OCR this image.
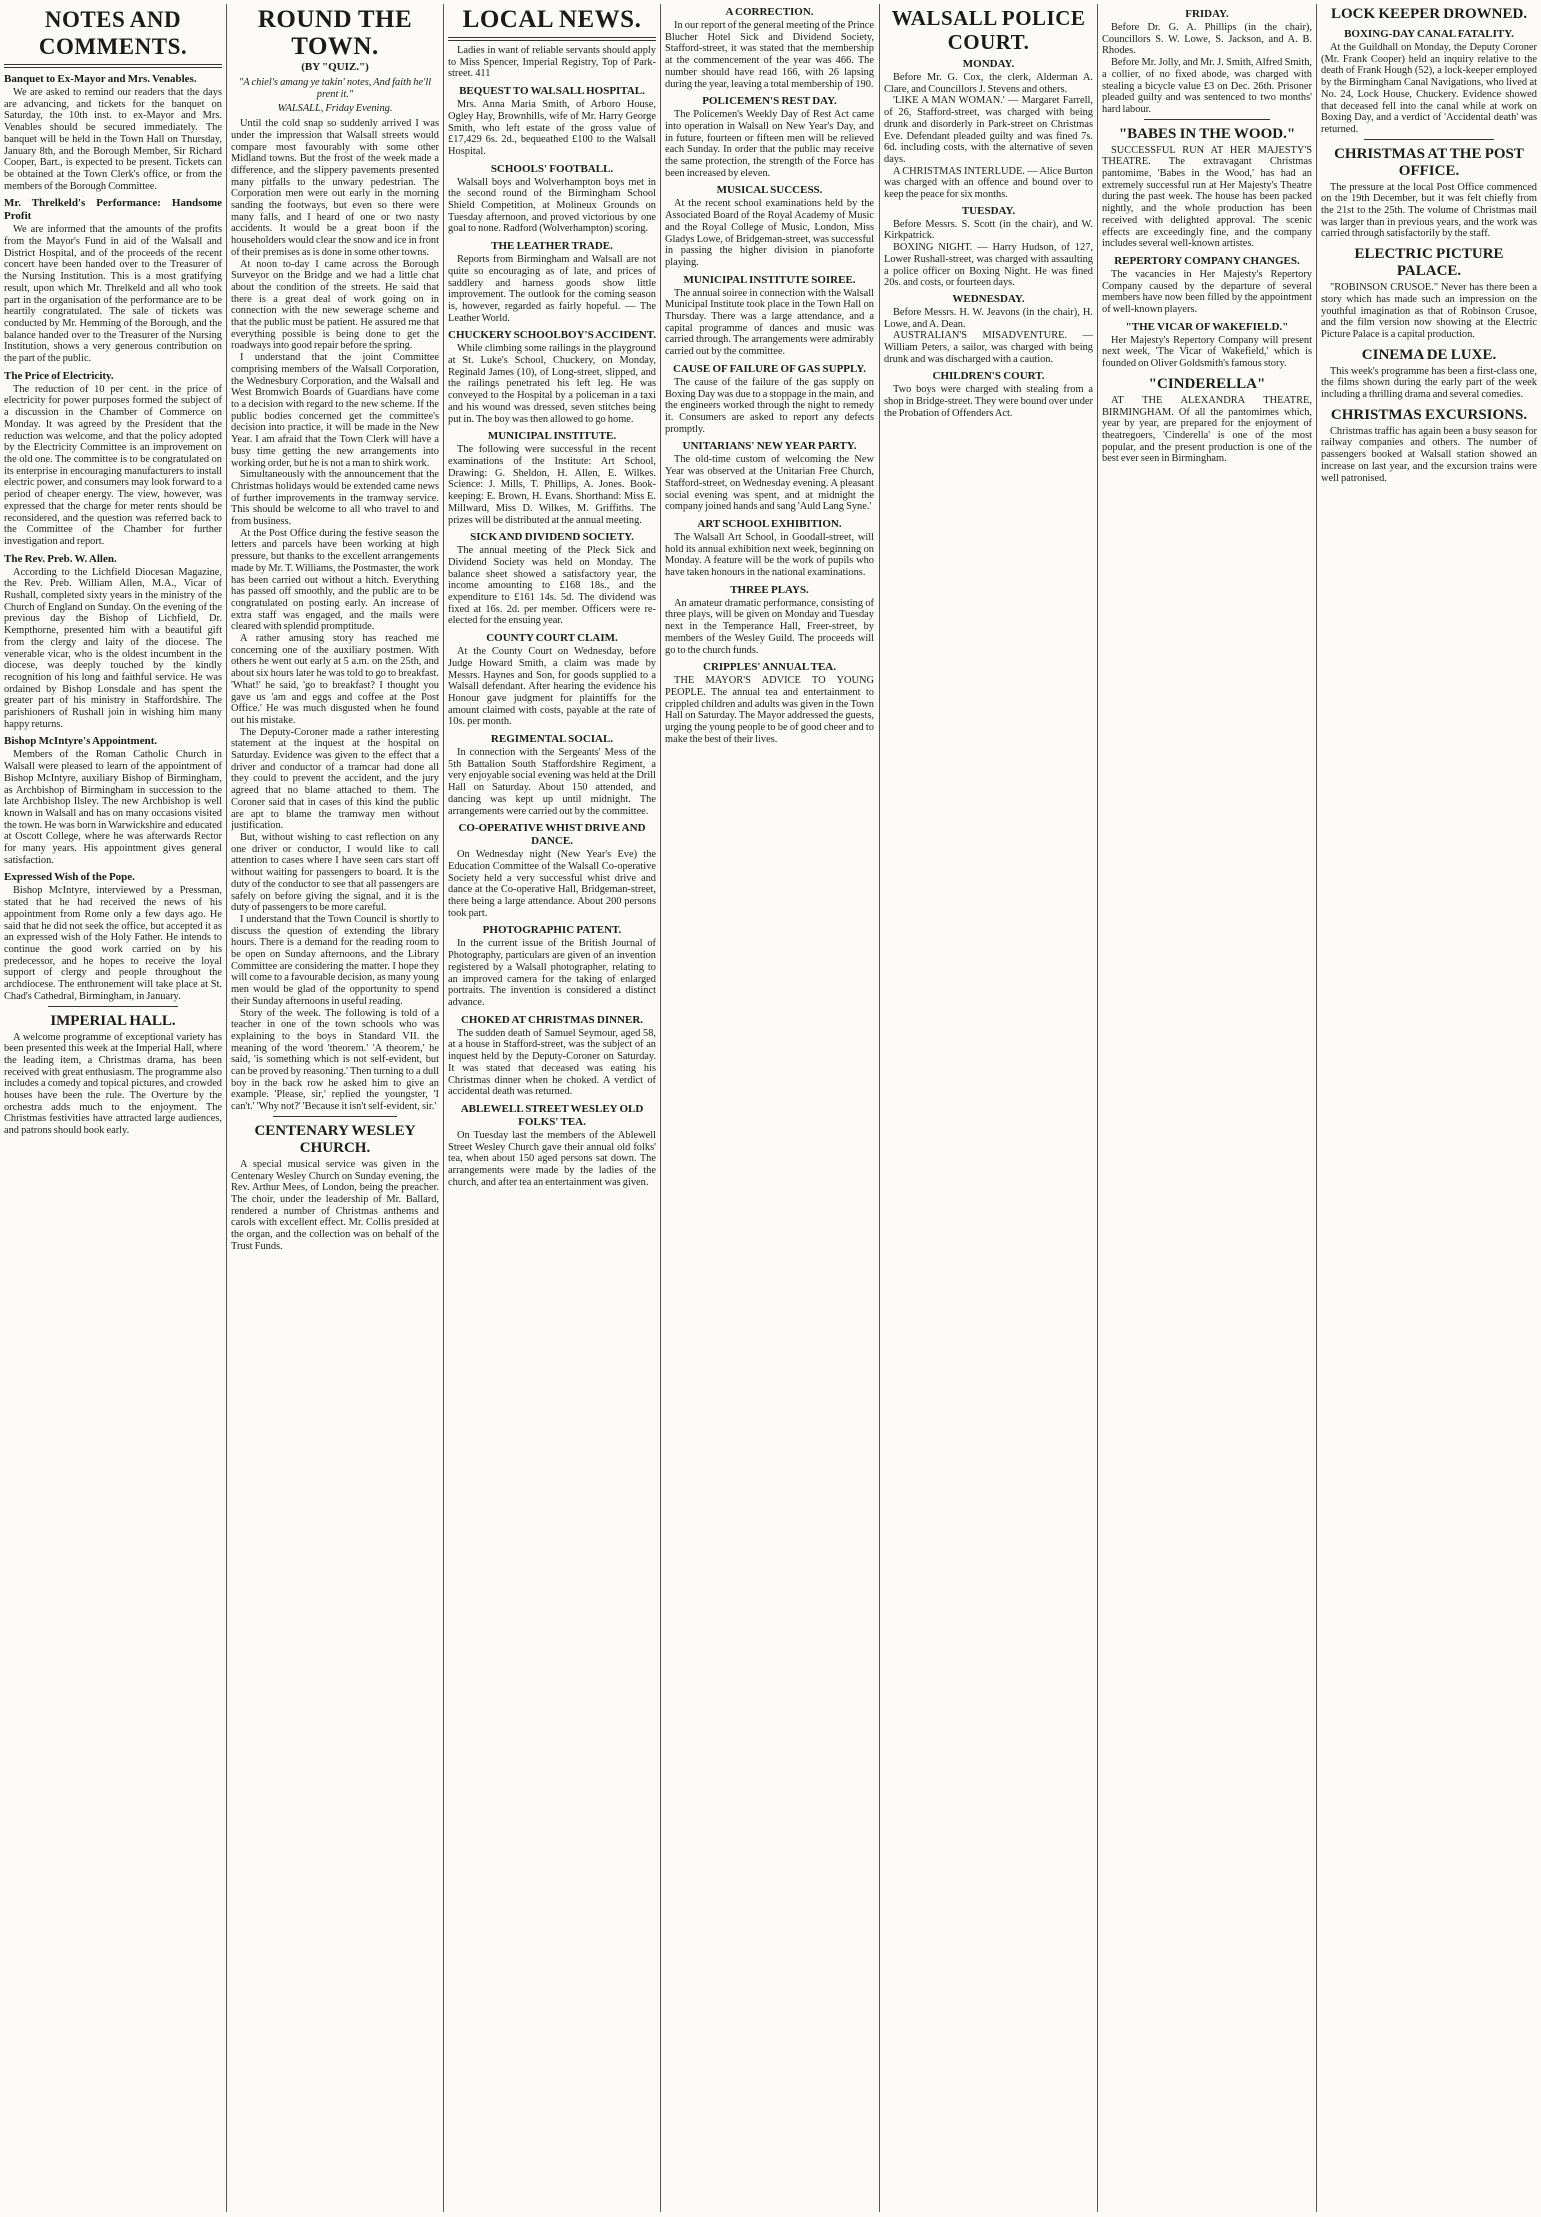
NOTES AND COMMENTS.
Banquet to Ex-Mayor and Mrs. Venables.

We are asked to remind our readers that the days are advancing, and tickets for the banquet on Saturday, the 10th inst. to ex-Mayor and Mrs. Venables should be secured immediately. The banquet will be held in the Town Hall on Thursday, January 8th, and the Borough Member, Sir Richard Cooper, Bart., is expected to be present. Tickets can be obtained at the Town Clerk's office, or from the members of the Borough Committee.

Mr. Threlkeld's Performance: Handsome Profit

We are informed that the amounts of the profits from the Mayor's Fund in aid of the Walsall and District Hospital, and of the proceeds of the recent concert have been handed over to the Treasurer of the Nursing Institution. This is a most gratifying result, upon which Mr. Threlkeld and all who took part in the organisation of the performance are to be heartily congratulated. The sale of tickets was conducted by Mr. Hemming of the Borough, and the balance handed over to the Treasurer of the Nursing Institution, shows a very generous contribution on the part of the public.

The Price of Electricity.

The reduction of 10 per cent. in the price of electricity for power purposes formed the subject of a discussion in the Chamber of Commerce on Monday. It was agreed by the President that the reduction was welcome, and that the policy adopted by the Electricity Committee is an improvement on the old one. The committee is to be congratulated on its enterprise in encouraging manufacturers to install electric power, and consumers may look forward to a period of cheaper energy. The view, however, was expressed that the charge for meter rents should be reconsidered, and the question was referred back to the Committee of the Chamber for further investigation and report.

The Rev. Preb. W. Allen.

According to the Lichfield Diocesan Magazine, the Rev. Preb. William Allen, M.A., Vicar of Rushall, completed sixty years in the ministry of the Church of England on Sunday. On the evening of the previous day the Bishop of Lichfield, Dr. Kempthorne, presented him with a beautiful gift from the clergy and laity of the diocese. The venerable vicar, who is the oldest incumbent in the diocese, was deeply touched by the kindly recognition of his long and faithful service. He was ordained by Bishop Lonsdale and has spent the greater part of his ministry in Staffordshire. The parishioners of Rushall join in wishing him many happy returns.

Bishop McIntyre's Appointment.

Members of the Roman Catholic Church in Walsall were pleased to learn of the appointment of Bishop McIntyre, auxiliary Bishop of Birmingham, as Archbishop of Birmingham in succession to the late Archbishop Ilsley. The new Archbishop is well known in Walsall and has on many occasions visited the town. He was born in Warwickshire and educated at Oscott College, where he was afterwards Rector for many years. His appointment gives general satisfaction.

Expressed Wish of the Pope.

Bishop McIntyre, interviewed by a Pressman, stated that he had received the news of his appointment from Rome only a few days ago. He said that he did not seek the office, but accepted it as an expressed wish of the Holy Father. He intends to continue the good work carried on by his predecessor, and he hopes to receive the loyal support of clergy and people throughout the archdiocese. The enthronement will take place at St. Chad's Cathedral, Birmingham, in January.

IMPERIAL HALL.

A welcome programme of exceptional variety has been presented this week at the Imperial Hall, where the leading item, a Christmas drama, has been received with great enthusiasm. The programme also includes a comedy and topical pictures, and crowded houses have been the rule. The Overture by the orchestra adds much to the enjoyment. The Christmas festivities have attracted large audiences, and patrons should book early.

ROUND THE TOWN.
(BY "QUIZ.")
"A chiel's amang ye takin' notes, And faith he'll prent it."
WALSALL, Friday Evening.

Until the cold snap so suddenly arrived I was under the impression that Walsall streets would compare most favourably with some other Midland towns. But the frost of the week made a difference, and the slippery pavements presented many pitfalls to the unwary pedestrian. The Corporation men were out early in the morning sanding the footways, but even so there were many falls, and I heard of one or two nasty accidents. It would be a great boon if the householders would clear the snow and ice in front of their premises as is done in some other towns.

At noon to-day I came across the Borough Surveyor on the Bridge and we had a little chat about the condition of the streets. He said that there is a great deal of work going on in connection with the new sewerage scheme and that the public must be patient. He assured me that everything possible is being done to get the roadways into good repair before the spring.

I understand that the joint Committee comprising members of the Walsall Corporation, the Wednesbury Corporation, and the Walsall and West Bromwich Boards of Guardians have come to a decision with regard to the new scheme. If the public bodies concerned get the committee's decision into practice, it will be made in the New Year. I am afraid that the Town Clerk will have a busy time getting the new arrangements into working order, but he is not a man to shirk work.

Simultaneously with the announcement that the Christmas holidays would be extended came news of further improvements in the tramway service. This should be welcome to all who travel to and from business.

At the Post Office during the festive season the letters and parcels have been working at high pressure, but thanks to the excellent arrangements made by Mr. T. Williams, the Postmaster, the work has been carried out without a hitch. Everything has passed off smoothly, and the public are to be congratulated on posting early. An increase of extra staff was engaged, and the mails were cleared with splendid promptitude.

A rather amusing story has reached me concerning one of the auxiliary postmen. With others he went out early at 5 a.m. on the 25th, and about six hours later he was told to go to breakfast. 'What!' he said, 'go to breakfast? I thought you gave us 'am and eggs and coffee at the Post Office.' He was much disgusted when he found out his mistake.

The Deputy-Coroner made a rather interesting statement at the inquest at the hospital on Saturday. Evidence was given to the effect that a driver and conductor of a tramcar had done all they could to prevent the accident, and the jury agreed that no blame attached to them. The Coroner said that in cases of this kind the public are apt to blame the tramway men without justification.

But, without wishing to cast reflection on any one driver or conductor, I would like to call attention to cases where I have seen cars start off without waiting for passengers to board. It is the duty of the conductor to see that all passengers are safely on before giving the signal, and it is the duty of passengers to be more careful.

I understand that the Town Council is shortly to discuss the question of extending the library hours. There is a demand for the reading room to be open on Sunday afternoons, and the Library Committee are considering the matter. I hope they will come to a favourable decision, as many young men would be glad of the opportunity to spend their Sunday afternoons in useful reading.

Story of the week. The following is told of a teacher in one of the town schools who was explaining to the boys in Standard VII. the meaning of the word 'theorem.' 'A theorem,' he said, 'is something which is not self-evident, but can be proved by reasoning.' Then turning to a dull boy in the back row he asked him to give an example. 'Please, sir,' replied the youngster, 'I can't.' 'Why not?' 'Because it isn't self-evident, sir.'

CENTENARY WESLEY CHURCH.

A special musical service was given in the Centenary Wesley Church on Sunday evening, the Rev. Arthur Mees, of London, being the preacher. The choir, under the leadership of Mr. Ballard, rendered a number of Christmas anthems and carols with excellent effect. Mr. Collis presided at the organ, and the collection was on behalf of the Trust Funds.

LOCAL NEWS.

Ladies in want of reliable servants should apply to Miss Spencer, Imperial Registry, Top of Park-street. 411

BEQUEST TO WALSALL HOSPITAL.

Mrs. Anna Maria Smith, of Arboro House, Ogley Hay, Brownhills, wife of Mr. Harry George Smith, who left estate of the gross value of £17,429 6s. 2d., bequeathed £100 to the Walsall Hospital.

SCHOOLS' FOOTBALL.

Walsall boys and Wolverhampton boys met in the second round of the Birmingham School Shield Competition, at Molineux Grounds on Tuesday afternoon, and proved victorious by one goal to none. Radford (Wolverhampton) scoring.

THE LEATHER TRADE.

Reports from Birmingham and Walsall are not quite so encouraging as of late, and prices of saddlery and harness goods show little improvement. The outlook for the coming season is, however, regarded as fairly hopeful. — The Leather World.

CHUCKERY SCHOOLBOY'S ACCIDENT.

While climbing some railings in the playground at St. Luke's School, Chuckery, on Monday, Reginald James (10), of Long-street, slipped, and the railings penetrated his left leg. He was conveyed to the Hospital by a policeman in a taxi and his wound was dressed, seven stitches being put in. The boy was then allowed to go home.

MUNICIPAL INSTITUTE.

The following were successful in the recent examinations of the Institute: Art School, Drawing: G. Sheldon, H. Allen, E. Wilkes. Science: J. Mills, T. Phillips, A. Jones. Book-keeping: E. Brown, H. Evans. Shorthand: Miss E. Millward, Miss D. Wilkes, M. Griffiths. The prizes will be distributed at the annual meeting.

SICK AND DIVIDEND SOCIETY.

The annual meeting of the Pleck Sick and Dividend Society was held on Monday. The balance sheet showed a satisfactory year, the income amounting to £168 18s., and the expenditure to £161 14s. 5d. The dividend was fixed at 16s. 2d. per member. Officers were re-elected for the ensuing year.

COUNTY COURT CLAIM.

At the County Court on Wednesday, before Judge Howard Smith, a claim was made by Messrs. Haynes and Son, for goods supplied to a Walsall defendant. After hearing the evidence his Honour gave judgment for plaintiffs for the amount claimed with costs, payable at the rate of 10s. per month.

REGIMENTAL SOCIAL.

In connection with the Sergeants' Mess of the 5th Battalion South Staffordshire Regiment, a very enjoyable social evening was held at the Drill Hall on Saturday. About 150 attended, and dancing was kept up until midnight. The arrangements were carried out by the committee.

CO-OPERATIVE WHIST DRIVE AND DANCE.

On Wednesday night (New Year's Eve) the Education Committee of the Walsall Co-operative Society held a very successful whist drive and dance at the Co-operative Hall, Bridgeman-street, there being a large attendance. About 200 persons took part.

PHOTOGRAPHIC PATENT.

In the current issue of the British Journal of Photography, particulars are given of an invention registered by a Walsall photographer, relating to an improved camera for the taking of enlarged portraits. The invention is considered a distinct advance.

CHOKED AT CHRISTMAS DINNER.

The sudden death of Samuel Seymour, aged 58, at a house in Stafford-street, was the subject of an inquest held by the Deputy-Coroner on Saturday. It was stated that deceased was eating his Christmas dinner when he choked. A verdict of accidental death was returned.

ABLEWELL STREET WESLEY OLD FOLKS' TEA.

On Tuesday last the members of the Ablewell Street Wesley Church gave their annual old folks' tea, when about 150 aged persons sat down. The arrangements were made by the ladies of the church, and after tea an entertainment was given.

A CORRECTION.

In our report of the general meeting of the Prince Blucher Hotel Sick and Dividend Society, Stafford-street, it was stated that the membership at the commencement of the year was 466. The number should have read 166, with 26 lapsing during the year, leaving a total membership of 190.

POLICEMEN'S REST DAY.

The Policemen's Weekly Day of Rest Act came into operation in Walsall on New Year's Day, and in future, fourteen or fifteen men will be relieved each Sunday. In order that the public may receive the same protection, the strength of the Force has been increased by eleven.

MUSICAL SUCCESS.

At the recent school examinations held by the Associated Board of the Royal Academy of Music and the Royal College of Music, London, Miss Gladys Lowe, of Bridgeman-street, was successful in passing the higher division in pianoforte playing.

MUNICIPAL INSTITUTE SOIREE.

The annual soiree in connection with the Walsall Municipal Institute took place in the Town Hall on Thursday. There was a large attendance, and a capital programme of dances and music was carried through. The arrangements were admirably carried out by the committee.

CAUSE OF FAILURE OF GAS SUPPLY.

The cause of the failure of the gas supply on Boxing Day was due to a stoppage in the main, and the engineers worked through the night to remedy it. Consumers are asked to report any defects promptly.

UNITARIANS' NEW YEAR PARTY.

The old-time custom of welcoming the New Year was observed at the Unitarian Free Church, Stafford-street, on Wednesday evening. A pleasant social evening was spent, and at midnight the company joined hands and sang 'Auld Lang Syne.'

ART SCHOOL EXHIBITION.

The Walsall Art School, in Goodall-street, will hold its annual exhibition next week, beginning on Monday. A feature will be the work of pupils who have taken honours in the national examinations.

THREE PLAYS.

An amateur dramatic performance, consisting of three plays, will be given on Monday and Tuesday next in the Temperance Hall, Freer-street, by members of the Wesley Guild. The proceeds will go to the church funds.

CRIPPLES' ANNUAL TEA.

THE MAYOR'S ADVICE TO YOUNG PEOPLE. The annual tea and entertainment to crippled children and adults was given in the Town Hall on Saturday. The Mayor addressed the guests, urging the young people to be of good cheer and to make the best of their lives.

WALSALL POLICE COURT.
MONDAY.

Before Mr. G. Cox, the clerk, Alderman A. Clare, and Councillors J. Stevens and others.

'LIKE A MAN WOMAN.' — Margaret Farrell, of 26, Stafford-street, was charged with being drunk and disorderly in Park-street on Christmas Eve. Defendant pleaded guilty and was fined 7s. 6d. including costs, with the alternative of seven days.

A CHRISTMAS INTERLUDE. — Alice Burton was charged with an offence and bound over to keep the peace for six months.

TUESDAY.

Before Messrs. S. Scott (in the chair), and W. Kirkpatrick.

BOXING NIGHT. — Harry Hudson, of 127, Lower Rushall-street, was charged with assaulting a police officer on Boxing Night. He was fined 20s. and costs, or fourteen days.

WEDNESDAY.

Before Messrs. H. W. Jeavons (in the chair), H. Lowe, and A. Dean.

AUSTRALIAN'S MISADVENTURE. — William Peters, a sailor, was charged with being drunk and was discharged with a caution.

CHILDREN'S COURT.

Two boys were charged with stealing from a shop in Bridge-street. They were bound over under the Probation of Offenders Act.

FRIDAY.

Before Dr. G. A. Phillips (in the chair), Councillors S. W. Lowe, S. Jackson, and A. B. Rhodes.

Before Mr. Jolly, and Mr. J. Smith, Alfred Smith, a collier, of no fixed abode, was charged with stealing a bicycle value £3 on Dec. 26th. Prisoner pleaded guilty and was sentenced to two months' hard labour.

"BABES IN THE WOOD."

SUCCESSFUL RUN AT HER MAJESTY'S THEATRE. The extravagant Christmas pantomime, 'Babes in the Wood,' has had an extremely successful run at Her Majesty's Theatre during the past week. The house has been packed nightly, and the whole production has been received with delighted approval. The scenic effects are exceedingly fine, and the company includes several well-known artistes.

REPERTORY COMPANY CHANGES.

The vacancies in Her Majesty's Repertory Company caused by the departure of several members have now been filled by the appointment of well-known players.

"THE VICAR OF WAKEFIELD."

Her Majesty's Repertory Company will present next week, 'The Vicar of Wakefield,' which is founded on Oliver Goldsmith's famous story.

"CINDERELLA"

AT THE ALEXANDRA THEATRE, BIRMINGHAM. Of all the pantomimes which, year by year, are prepared for the enjoyment of theatregoers, 'Cinderella' is one of the most popular, and the present production is one of the best ever seen in Birmingham.

LOCK KEEPER DROWNED.
BOXING-DAY CANAL FATALITY.

At the Guildhall on Monday, the Deputy Coroner (Mr. Frank Cooper) held an inquiry relative to the death of Frank Hough (52), a lock-keeper employed by the Birmingham Canal Navigations, who lived at No. 24, Lock House, Chuckery. Evidence showed that deceased fell into the canal while at work on Boxing Day, and a verdict of 'Accidental death' was returned.

CHRISTMAS AT THE POST OFFICE.

The pressure at the local Post Office commenced on the 19th December, but it was felt chiefly from the 21st to the 25th. The volume of Christmas mail was larger than in previous years, and the work was carried through satisfactorily by the staff.

ELECTRIC PICTURE PALACE.

"ROBINSON CRUSOE." Never has there been a story which has made such an impression on the youthful imagination as that of Robinson Crusoe, and the film version now showing at the Electric Picture Palace is a capital production.

CINEMA DE LUXE.

This week's programme has been a first-class one, the films shown during the early part of the week including a thrilling drama and several comedies.

CHRISTMAS EXCURSIONS.

Christmas traffic has again been a busy season for railway companies and others. The number of passengers booked at Walsall station showed an increase on last year, and the excursion trains were well patronised.
